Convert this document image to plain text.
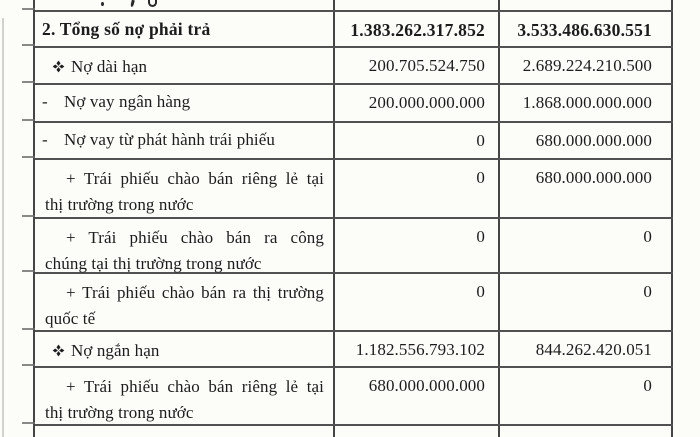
2. Tổng số nợ phải trả	1.383.262.317.852	3.533.486.630.551
Nợ dài hạn	200.705.524.750	2.689.224.210.500
- Nợ vay ngân hàng	200.000.000.000	1.868.000.000.000
- Nợ vay từ phát hành trái phiếu	0	680.000.000.000
+ Trái phiếu chào bán riêng lẻ tại
thị trường trong nước
0	680.000.000.000
+ Trái phiếu chào bán ra công
chúng tại thị trường trong nước
0	0
+ Trái phiếu chào bán ra thị trường
quốc tế
0	0
Nợ ngắn hạn	1.182.556.793.102	844.262.420.051
+ Trái phiếu chào bán riêng lẻ tại
thị trường trong nước
680.000.000.000	0
